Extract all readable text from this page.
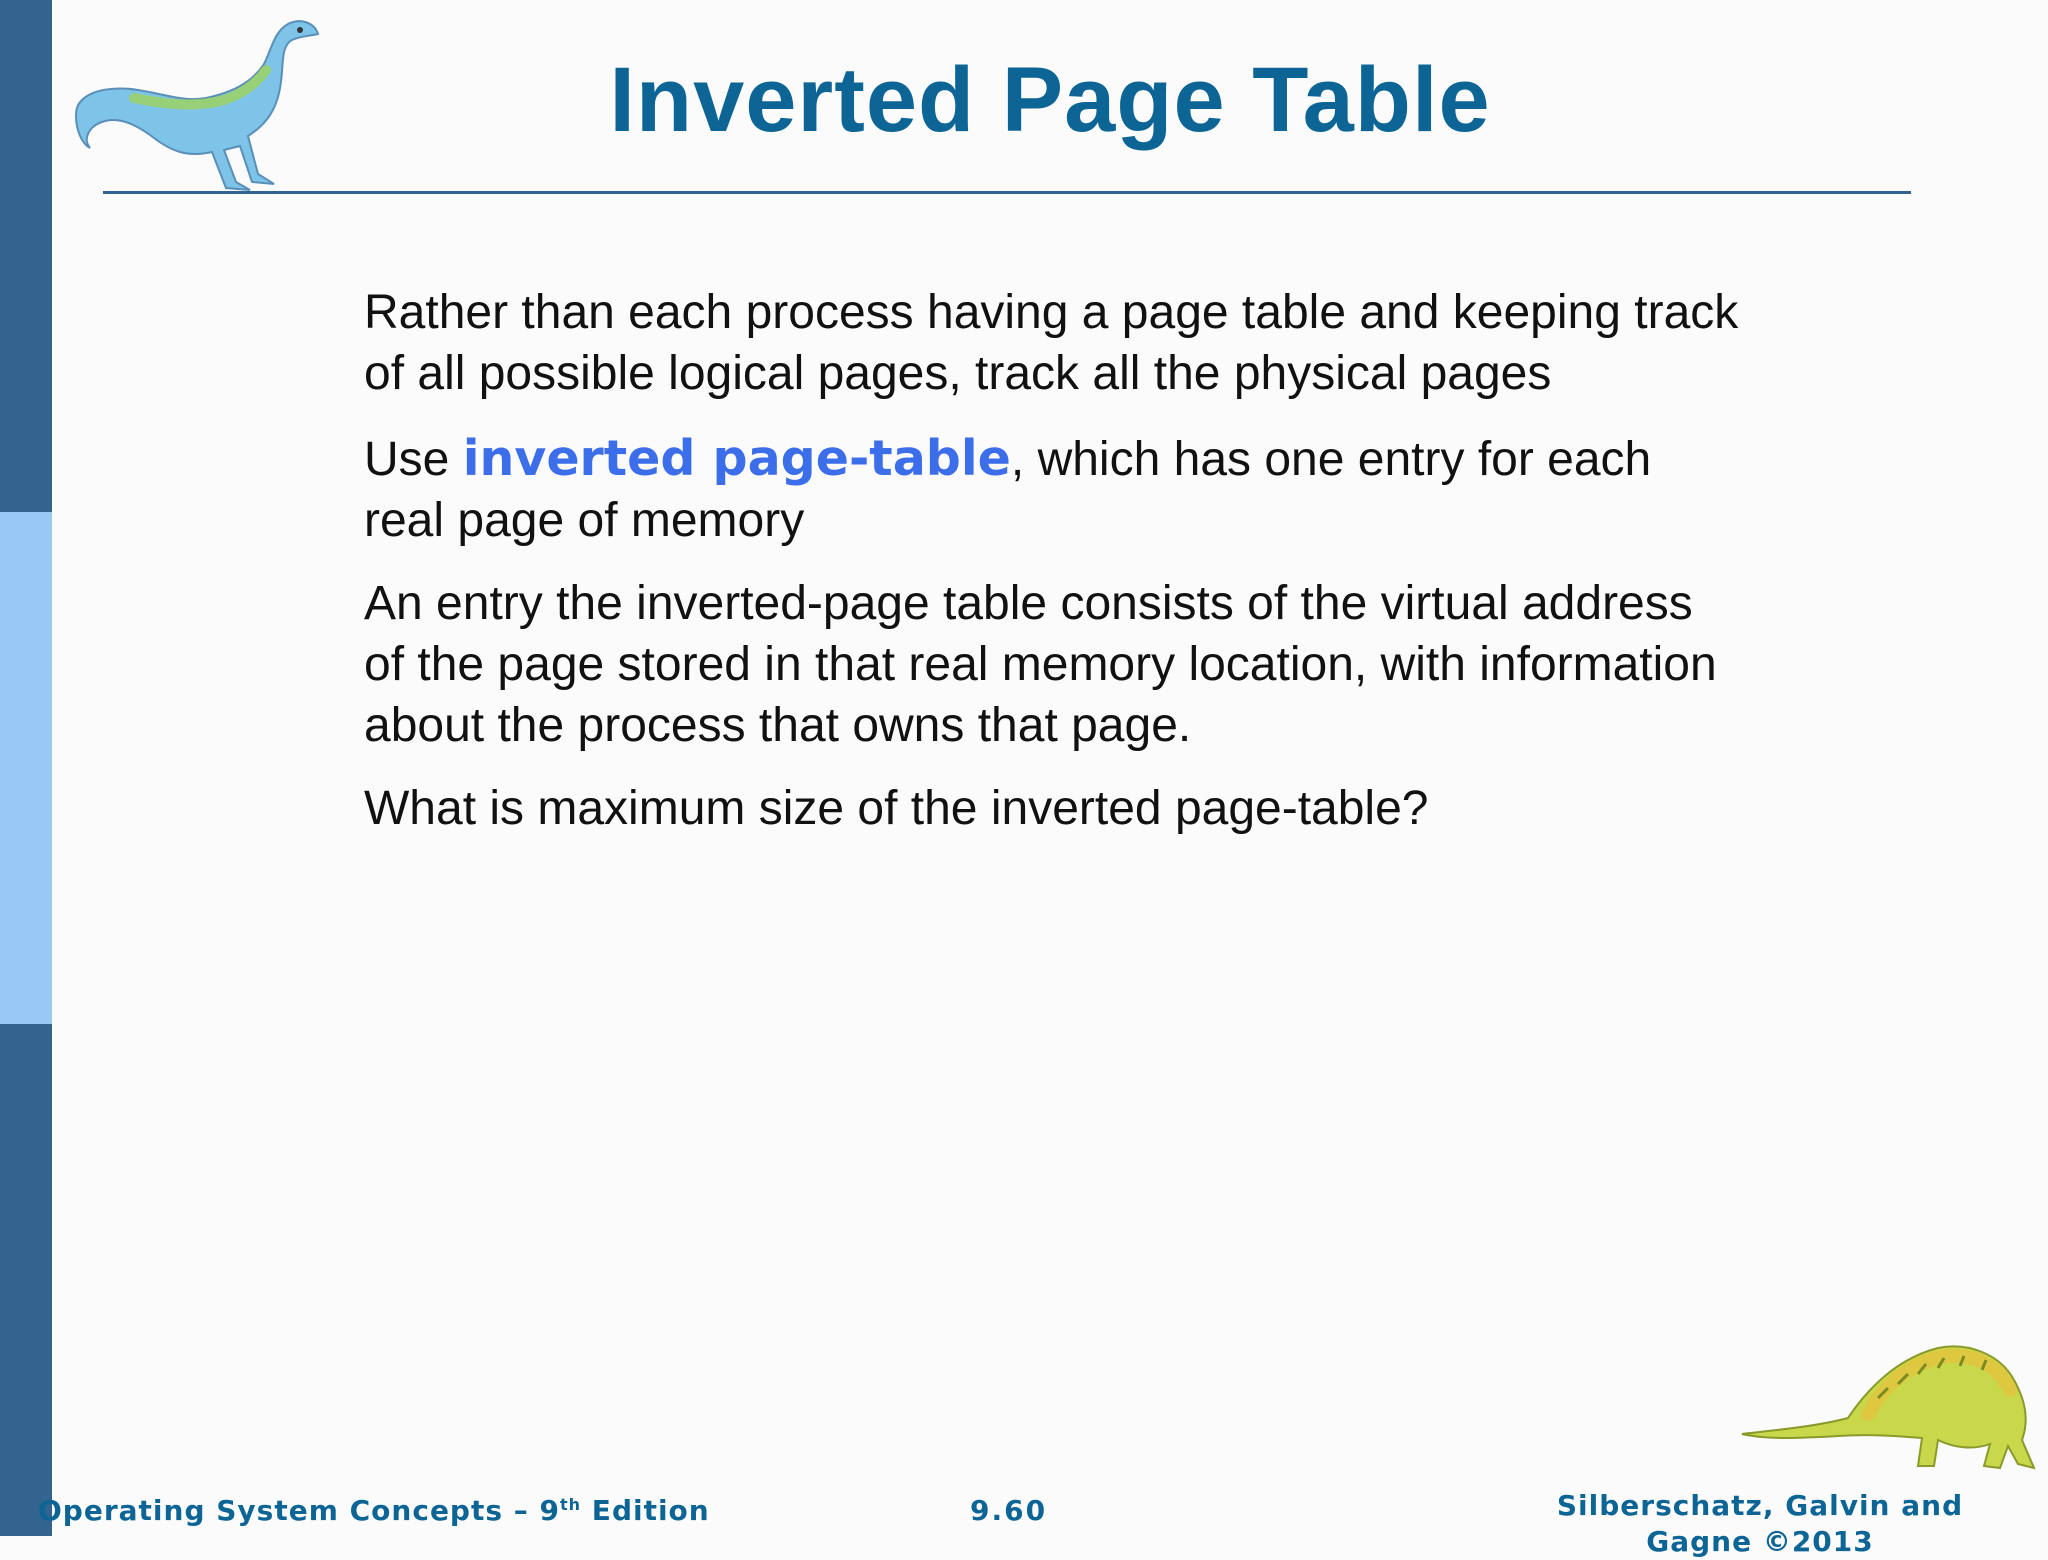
Inverted Page Table

Rather than each process having a page table and keeping track of all possible logical pages, track all the physical pages

Use inverted page-table, which has one entry for each real page of memory

An entry the inverted-page table consists of the virtual address of the page stored in that real memory location, with information about the process that owns that page.

What is maximum size of the inverted page-table?

Operating System Concepts – 9th Edition	9.60	Silberschatz, Galvin and Gagne ©2013
